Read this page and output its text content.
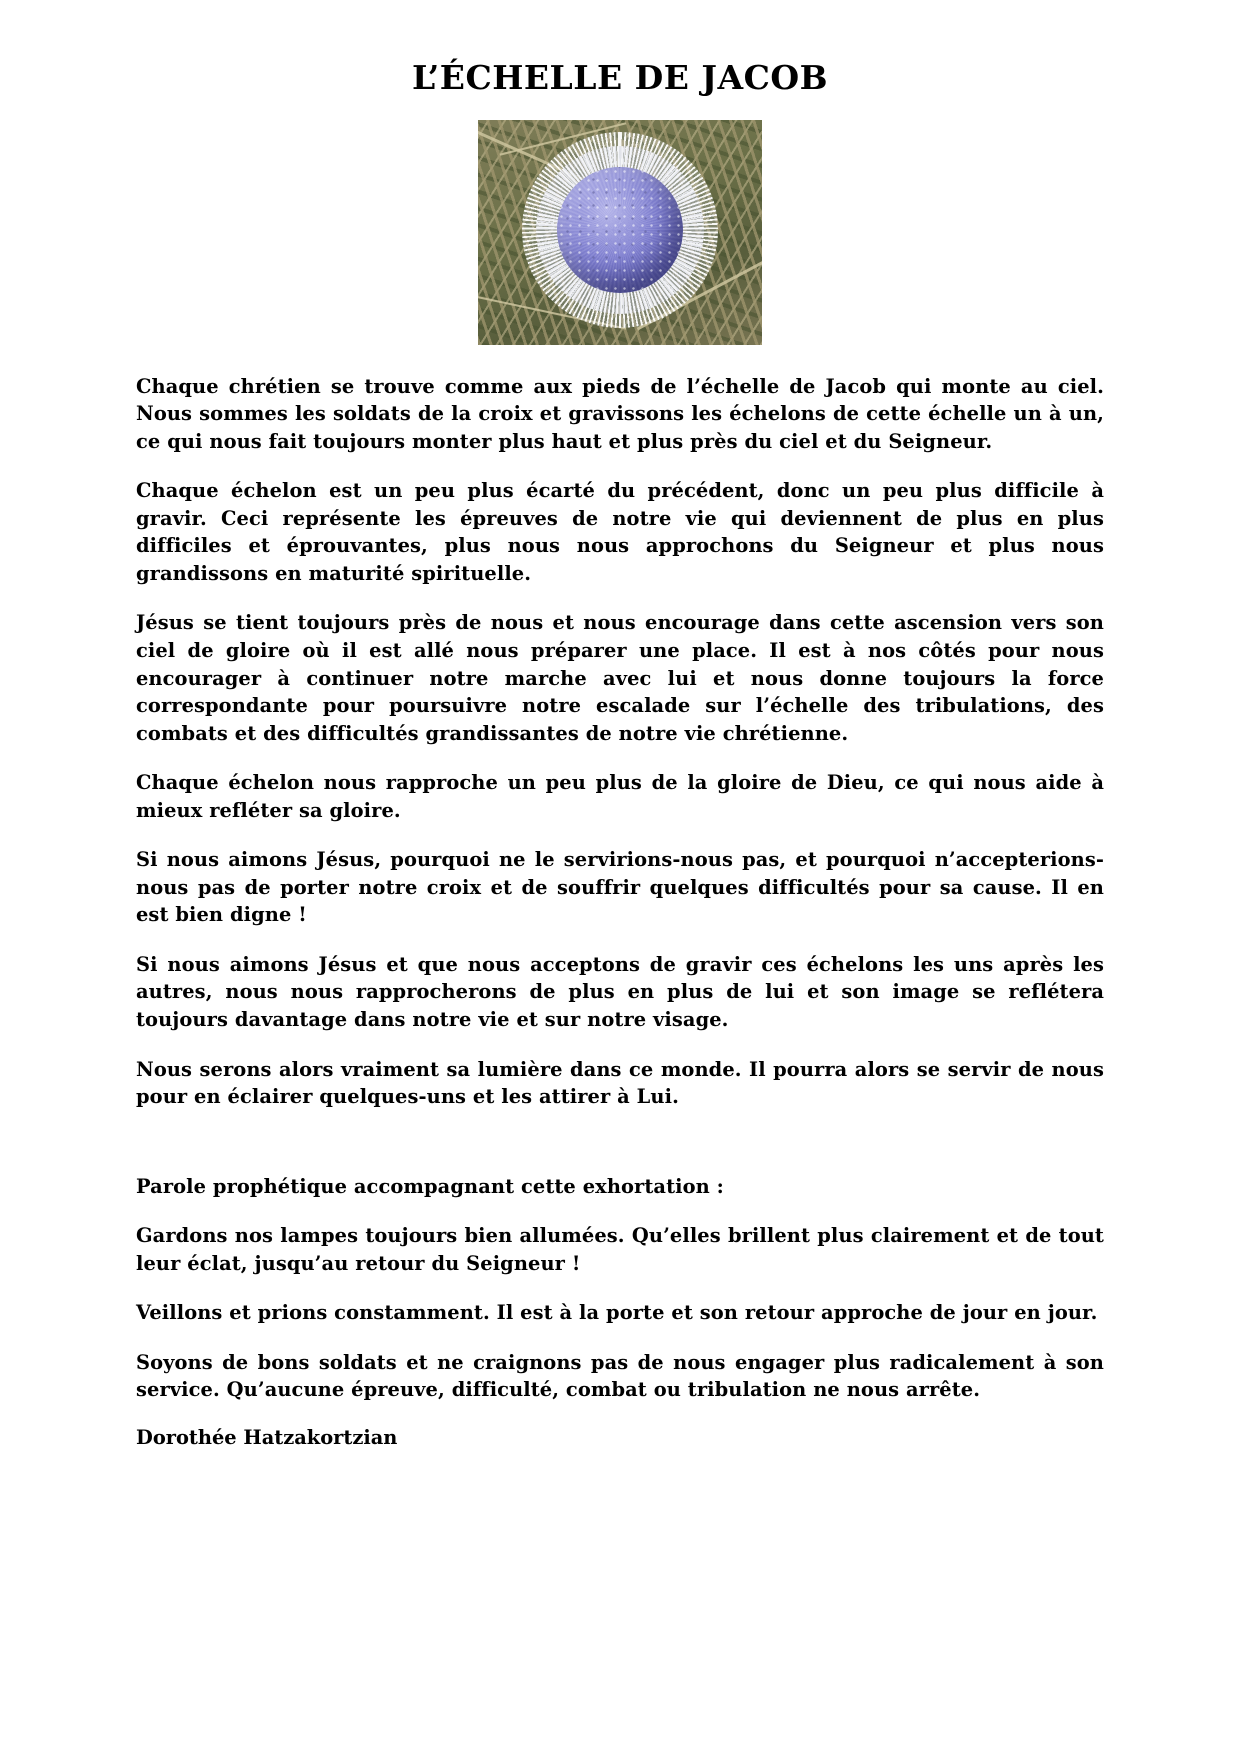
L’ÉCHELLE DE JACOB

Chaque chrétien se trouve comme aux pieds de l’échelle de Jacob qui monte au ciel. Nous sommes les soldats de la croix et gravissons les échelons de cette échelle un à un, ce qui nous fait toujours monter plus haut et plus près du ciel et du Seigneur.

Chaque échelon est un peu plus écarté du précédent, donc un peu plus difficile à gravir. Ceci représente les épreuves de notre vie qui deviennent de plus en plus difficiles et éprouvantes, plus nous nous approchons du Seigneur et plus nous grandissons en maturité spirituelle.

Jésus se tient toujours près de nous et nous encourage dans cette ascension vers son ciel de gloire où il est allé nous préparer une place. Il est à nos côtés pour nous encourager à continuer notre marche avec lui et nous donne toujours la force correspondante pour poursuivre notre escalade sur l’échelle des tribulations, des combats et des difficultés grandissantes de notre vie chrétienne.

Chaque échelon nous rapproche un peu plus de la gloire de Dieu, ce qui nous aide à mieux refléter sa gloire.

Si nous aimons Jésus, pourquoi ne le servirions-nous pas, et pourquoi n’accepterions-nous pas de porter notre croix et de souffrir quelques difficultés pour sa cause. Il en est bien digne !

Si nous aimons Jésus et que nous acceptons de gravir ces échelons les uns après les autres, nous nous rapprocherons de plus en plus de lui et son image se reflétera toujours davantage dans notre vie et sur notre visage.

Nous serons alors vraiment sa lumière dans ce monde. Il pourra alors se servir de nous pour en éclairer quelques-uns et les attirer à Lui.

Parole prophétique accompagnant cette exhortation :

Gardons nos lampes toujours bien allumées. Qu’elles brillent plus clairement et de tout leur éclat, jusqu’au retour du Seigneur !

Veillons et prions constamment. Il est à la porte et son retour approche de jour en jour.

Soyons de bons soldats et ne craignons pas de nous engager plus radicalement à son service. Qu’aucune épreuve, difficulté, combat ou tribulation ne nous arrête.

Dorothée Hatzakortzian
